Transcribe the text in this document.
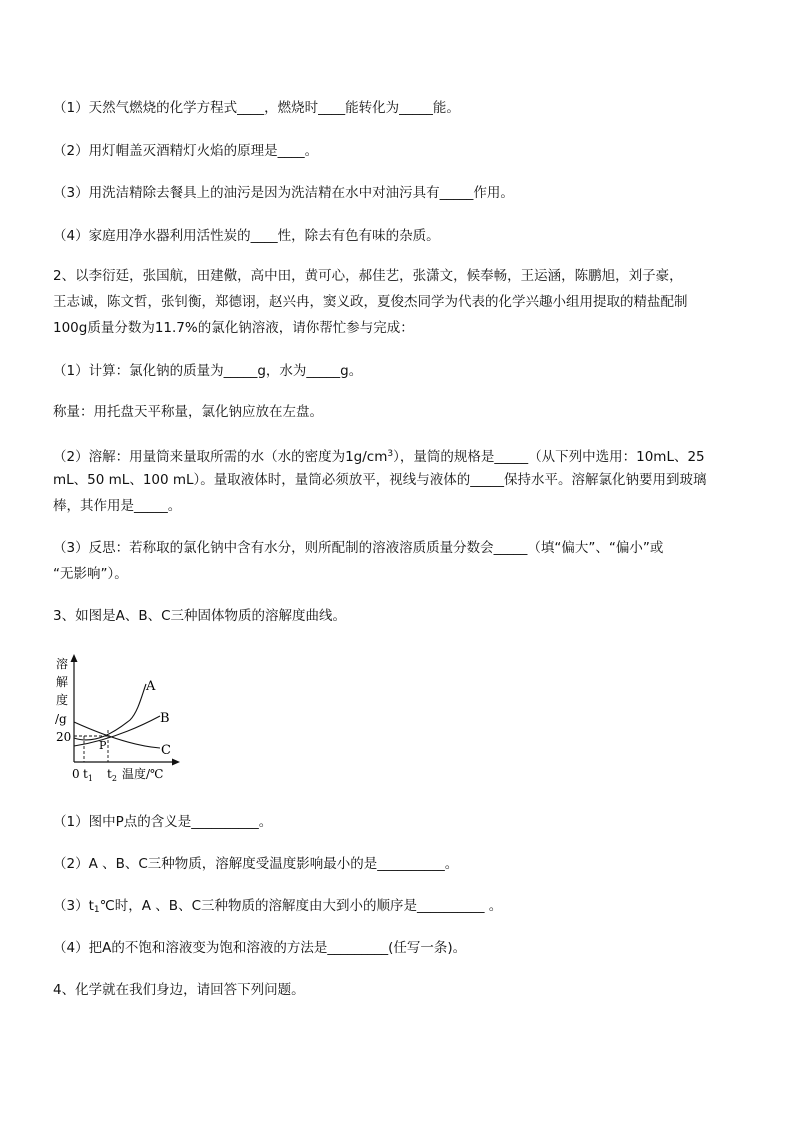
（1）天然气燃烧的化学方程式____，燃烧时____能转化为_____能。
（2）用灯帽盖灭酒精灯火焰的原理是____。
（3）用洗洁精除去餐具上的油污是因为洗洁精在水中对油污具有_____作用。
（4）家庭用净水器利用活性炭的____性，除去有色有味的杂质。
2、以李衍廷，张国航，田建儆，高中田，黄可心，郝佳艺，张潇文，候奉畅，王运涵，陈鹏旭，刘子豪，
王志诚，陈文哲，张钊衡，郑德诩，赵兴冉，窦义政，夏俊杰同学为代表的化学兴趣小组用提取的精盐配制
100g质量分数为11.7%的氯化钠溶液，请你帮忙参与完成：
（1）计算：氯化钠的质量为_____g，水为_____g。
称量：用托盘天平称量，氯化钠应放在左盘。
（2）溶解：用量筒来量取所需的水（水的密度为$1g/cm^3$），量筒的规格是_____（从下列中选用：10mL、25
mL、50 mL、100 mL）。量取液体时，量筒必须放平，视线与液体的_____保持水平。溶解氯化钠要用到玻璃
棒，其作用是_____。
（3）反思：若称取的氯化钠中含有水分，则所配制的溶液溶质质量分数会_____（填“偏大”、“偏小”或
“无影响”）。
3、如图是A、B、C三种固体物质的溶解度曲线。
溶
解
度
/g
20
A
B
C
P
0 $t_1$ $t_2$ 温度/℃
（1）图中P点的含义是__________。
（2）A 、B、C三种物质，溶解度受温度影响最小的是__________。
$(3)t_1℃$时，A 、B、C三种物质的溶解度由大到小的顺序是__________ 。
（4）把A的不饱和溶液变为饱和溶液的方法是_________(任写一条)。
4、化学就在我们身边，请回答下列问题。
